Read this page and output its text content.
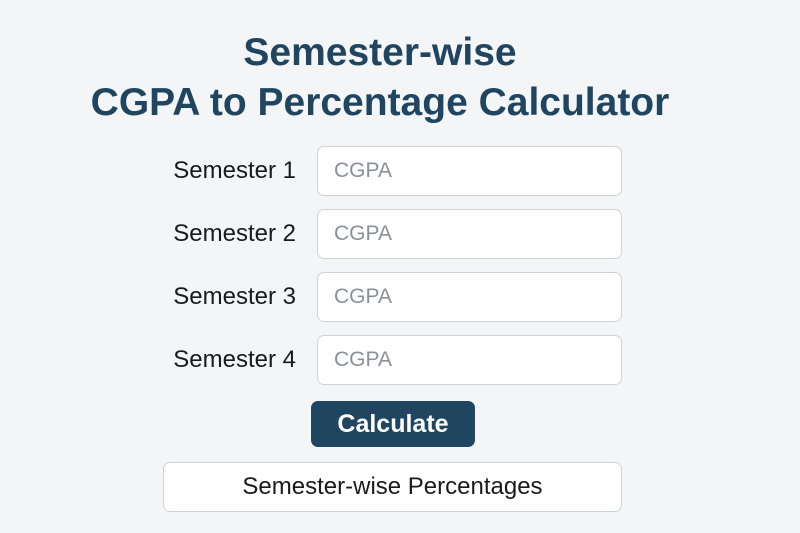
Semester-wise
CGPA to Percentage Calculator
Semester 1
CGPA
Semester 2
CGPA
Semester 3
CGPA
Semester 4
CGPA
Calculate
Semester-wise Percentages
